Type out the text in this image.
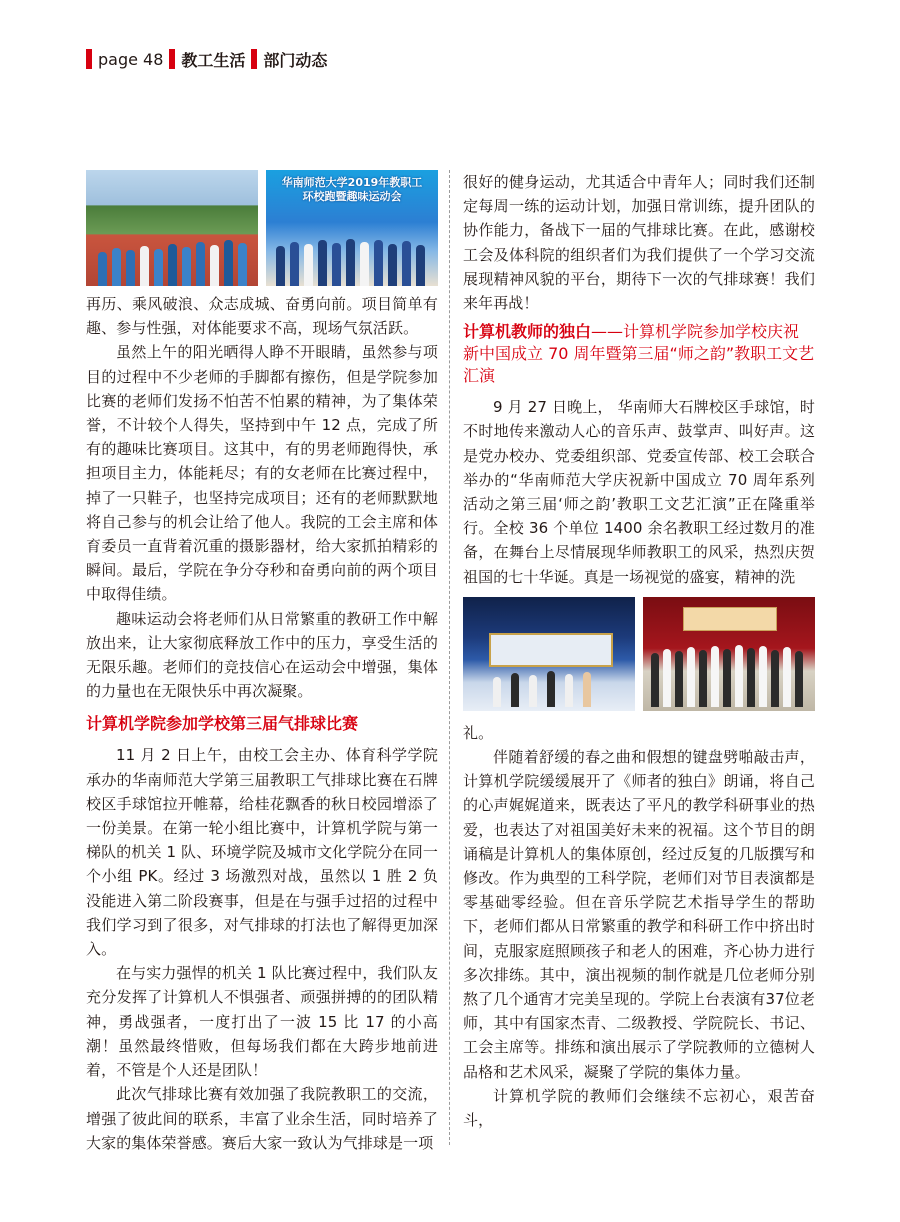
page 48 教工生活 部门动态
华南师范大学2019年教职工
环校跑暨趣味运动会

再历、乘风破浪、众志成城、奋勇向前。项目简单有趣、参与性强，对体能要求不高，现场气氛活跃。

虽然上午的阳光晒得人睁不开眼睛，虽然参与项目的过程中不少老师的手脚都有擦伤，但是学院参加比赛的老师们发扬不怕苦不怕累的精神，为了集体荣誉，不计较个人得失，坚持到中午 12 点，完成了所有的趣味比赛项目。这其中，有的男老师跑得快，承担项目主力，体能耗尽；有的女老师在比赛过程中，掉了一只鞋子，也坚持完成项目；还有的老师默默地将自己参与的机会让给了他人。我院的工会主席和体育委员一直背着沉重的摄影器材，给大家抓拍精彩的瞬间。最后，学院在争分夺秒和奋勇向前的两个项目中取得佳绩。

趣味运动会将老师们从日常繁重的教研工作中解放出来，让大家彻底释放工作中的压力，享受生活的无限乐趣。老师们的竞技信心在运动会中增强，集体的力量也在无限快乐中再次凝聚。

计算机学院参加学校第三届气排球比赛

11 月 2 日上午，由校工会主办、体育科学学院承办的华南师范大学第三届教职工气排球比赛在石牌校区手球馆拉开帷幕，给桂花飘香的秋日校园增添了一份美景。在第一轮小组比赛中，计算机学院与第一梯队的机关 1 队、环境学院及城市文化学院分在同一个小组 PK。经过 3 场激烈对战，虽然以 1 胜 2 负没能进入第二阶段赛事，但是在与强手过招的过程中我们学习到了很多，对气排球的打法也了解得更加深入。

在与实力强悍的机关 1 队比赛过程中，我们队友充分发挥了计算机人不惧强者、顽强拼搏的的团队精神，勇战强者，一度打出了一波 15 比 17 的小高潮！虽然最终惜败，但每场我们都在大跨步地前进着，不管是个人还是团队！

此次气排球比赛有效加强了我院教职工的交流，增强了彼此间的联系，丰富了业余生活，同时培养了大家的集体荣誉感。赛后大家一致认为气排球是一项

很好的健身运动，尤其适合中青年人；同时我们还制定每周一练的运动计划，加强日常训练，提升团队的协作能力，备战下一届的气排球比赛。在此，感谢校工会及体科院的组织者们为我们提供了一个学习交流展现精神风貌的平台，期待下一次的气排球赛！我们来年再战！

计算机教师的独白——计算机学院参加学校庆祝新中国成立 70 周年暨第三届“师之韵”教职工文艺汇演

9 月 27 日晚上， 华南师大石牌校区手球馆，时不时地传来激动人心的音乐声、鼓掌声、叫好声。这是党办校办、党委组织部、党委宣传部、校工会联合举办的“华南师范大学庆祝新中国成立 70 周年系列活动之第三届‘师之韵’教职工文艺汇演”正在隆重举行。全校 36 个单位 1400 余名教职工经过数月的准备，在舞台上尽情展现华师教职工的风采，热烈庆贺祖国的七十华诞。真是一场视觉的盛宴，精神的洗

礼。

伴随着舒缓的春之曲和假想的键盘劈啪敲击声，计算机学院缓缓展开了《师者的独白》朗诵，将自己的心声娓娓道来，既表达了平凡的教学科研事业的热爱，也表达了对祖国美好未来的祝福。这个节目的朗诵稿是计算机人的集体原创，经过反复的几版撰写和修改。作为典型的工科学院，老师们对节目表演都是零基础零经验。但在音乐学院艺术指导学生的帮助下，老师们都从日常繁重的教学和科研工作中挤出时间，克服家庭照顾孩子和老人的困难，齐心协力进行多次排练。其中，演出视频的制作就是几位老师分别熬了几个通宵才完美呈现的。学院上台表演有37位老师，其中有国家杰青、二级教授、学院院长、书记、工会主席等。排练和演出展示了学院教师的立德树人品格和艺术风采，凝聚了学院的集体力量。

计算机学院的教师们会继续不忘初心，艰苦奋斗，
